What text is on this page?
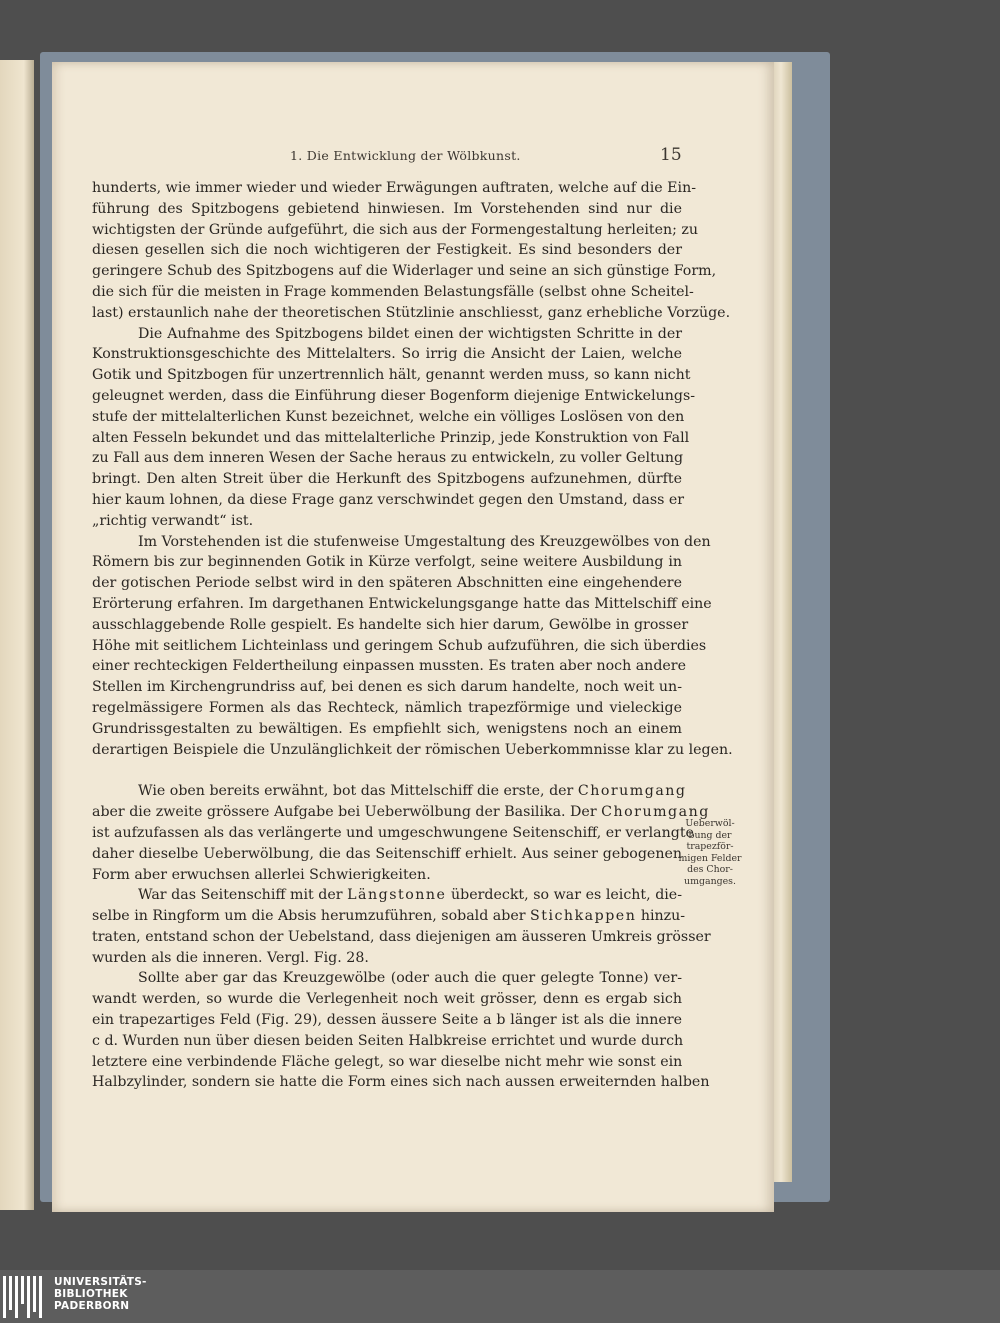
1. Die Entwicklung der Wölbkunst.	15
hunderts, wie immer wieder und wieder Erwägungen auftraten, welche auf die Ein-
führung des Spitzbogens gebietend hinwiesen. Im Vorstehenden sind nur die
wichtigsten der Gründe aufgeführt, die sich aus der Formengestaltung herleiten; zu
diesen gesellen sich die noch wichtigeren der Festigkeit. Es sind besonders der
geringere Schub des Spitzbogens auf die Widerlager und seine an sich günstige Form,
die sich für die meisten in Frage kommenden Belastungsfälle (selbst ohne Scheitel-
last) erstaunlich nahe der theoretischen Stützlinie anschliesst, ganz erhebliche Vorzüge.
Die Aufnahme des Spitzbogens bildet einen der wichtigsten Schritte in der
Konstruktionsgeschichte des Mittelalters. So irrig die Ansicht der Laien, welche
Gotik und Spitzbogen für unzertrennlich hält, genannt werden muss, so kann nicht
geleugnet werden, dass die Einführung dieser Bogenform diejenige Entwickelungs-
stufe der mittelalterlichen Kunst bezeichnet, welche ein völliges Loslösen von den
alten Fesseln bekundet und das mittelalterliche Prinzip, jede Konstruktion von Fall
zu Fall aus dem inneren Wesen der Sache heraus zu entwickeln, zu voller Geltung
bringt. Den alten Streit über die Herkunft des Spitzbogens aufzunehmen, dürfte
hier kaum lohnen, da diese Frage ganz verschwindet gegen den Umstand, dass er
„richtig verwandt“ ist.
Im Vorstehenden ist die stufenweise Umgestaltung des Kreuzgewölbes von den
Römern bis zur beginnenden Gotik in Kürze verfolgt, seine weitere Ausbildung in
der gotischen Periode selbst wird in den späteren Abschnitten eine eingehendere
Erörterung erfahren. Im dargethanen Entwickelungsgange hatte das Mittelschiff eine
ausschlaggebende Rolle gespielt. Es handelte sich hier darum, Gewölbe in grosser
Höhe mit seitlichem Lichteinlass und geringem Schub aufzuführen, die sich überdies
einer rechteckigen Feldertheilung einpassen mussten. Es traten aber noch andere
Stellen im Kirchengrundriss auf, bei denen es sich darum handelte, noch weit un-
regelmässigere Formen als das Rechteck, nämlich trapezförmige und vieleckige
Grundrissgestalten zu bewältigen. Es empfiehlt sich, wenigstens noch an einem
derartigen Beispiele die Unzulänglichkeit der römischen Ueberkommnisse klar zu legen.
Wie oben bereits erwähnt, bot das Mittelschiff die erste, der Chorumgang
aber die zweite grössere Aufgabe bei Ueberwölbung der Basilika. Der Chorumgang
ist aufzufassen als das verlängerte und umgeschwungene Seitenschiff, er verlangte
daher dieselbe Ueberwölbung, die das Seitenschiff erhielt. Aus seiner gebogenen
Form aber erwuchsen allerlei Schwierigkeiten.
War das Seitenschiff mit der Längstonne überdeckt, so war es leicht, die-
selbe in Ringform um die Absis herumzuführen, sobald aber Stichkappen hinzu-
traten, entstand schon der Uebelstand, dass diejenigen am äusseren Umkreis grösser
wurden als die inneren. Vergl. Fig. 28.
Sollte aber gar das Kreuzgewölbe (oder auch die quer gelegte Tonne) ver-
wandt werden, so wurde die Verlegenheit noch weit grösser, denn es ergab sich
ein trapezartiges Feld (Fig. 29), dessen äussere Seite a b länger ist als die innere
c d. Wurden nun über diesen beiden Seiten Halbkreise errichtet und wurde durch
letztere eine verbindende Fläche gelegt, so war dieselbe nicht mehr wie sonst ein
Halbzylinder, sondern sie hatte die Form eines sich nach aussen erweiternden halben
Ueberwöl-
bung der
trapezför-
migen Felder
des Chor-
umganges.
UNIVERSITÄTS-
BIBLIOTHEK
PADERBORN
